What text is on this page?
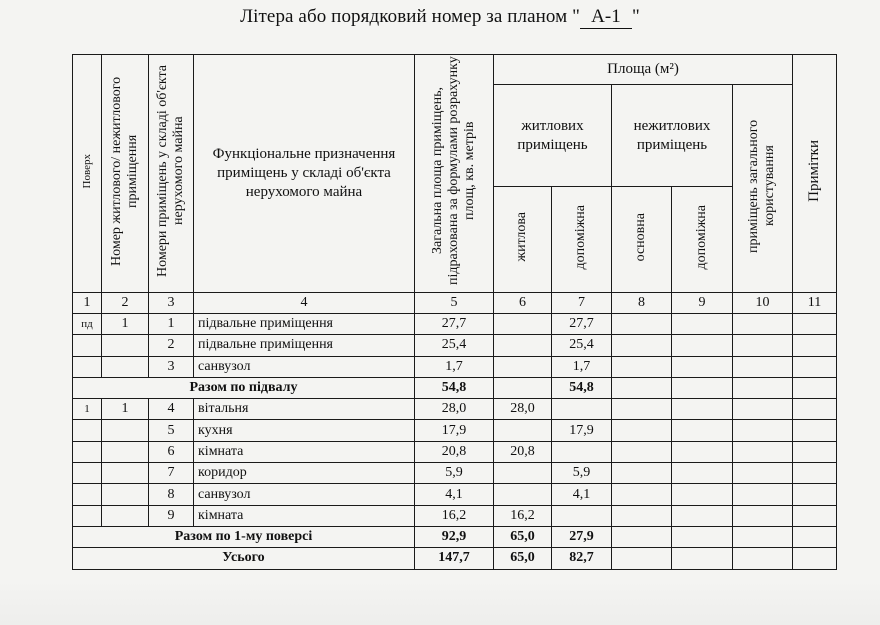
Літера або порядковий номер за планом " А-1 "
Поверх	Номер житлового/ нежитлового приміщення	Номери приміщень у складі об'єкта нерухомого майна	Функціональне призначення приміщень у складі об'єкта нерухомого майна	Загальна площа приміщень, підрахована за формулами розрахунку площ, кв. метрів	Площа (м²)					Примітки

					житлових приміщень		нежитлових приміщень		приміщень загального користування	
					житлова	допоміжна	основна	допоміжна		
1	2	3	4	5	6	7	8	9	10	11
пд	1	1	підвальне приміщення	27,7		27,7				
		2	підвальне приміщення	25,4		25,4				
		3	санвузол	1,7		1,7				
Разом по підвалу				54,8		54,8				
1	1	4	вітальня	28,0	28,0					
		5	кухня	17,9		17,9				
		6	кімната	20,8	20,8					
		7	коридор	5,9		5,9				
		8	санвузол	4,1		4,1				
		9	кімната	16,2	16,2					
Разом по 1-му поверсі				92,9	65,0	27,9				
Усього				147,7	65,0	82,7				
